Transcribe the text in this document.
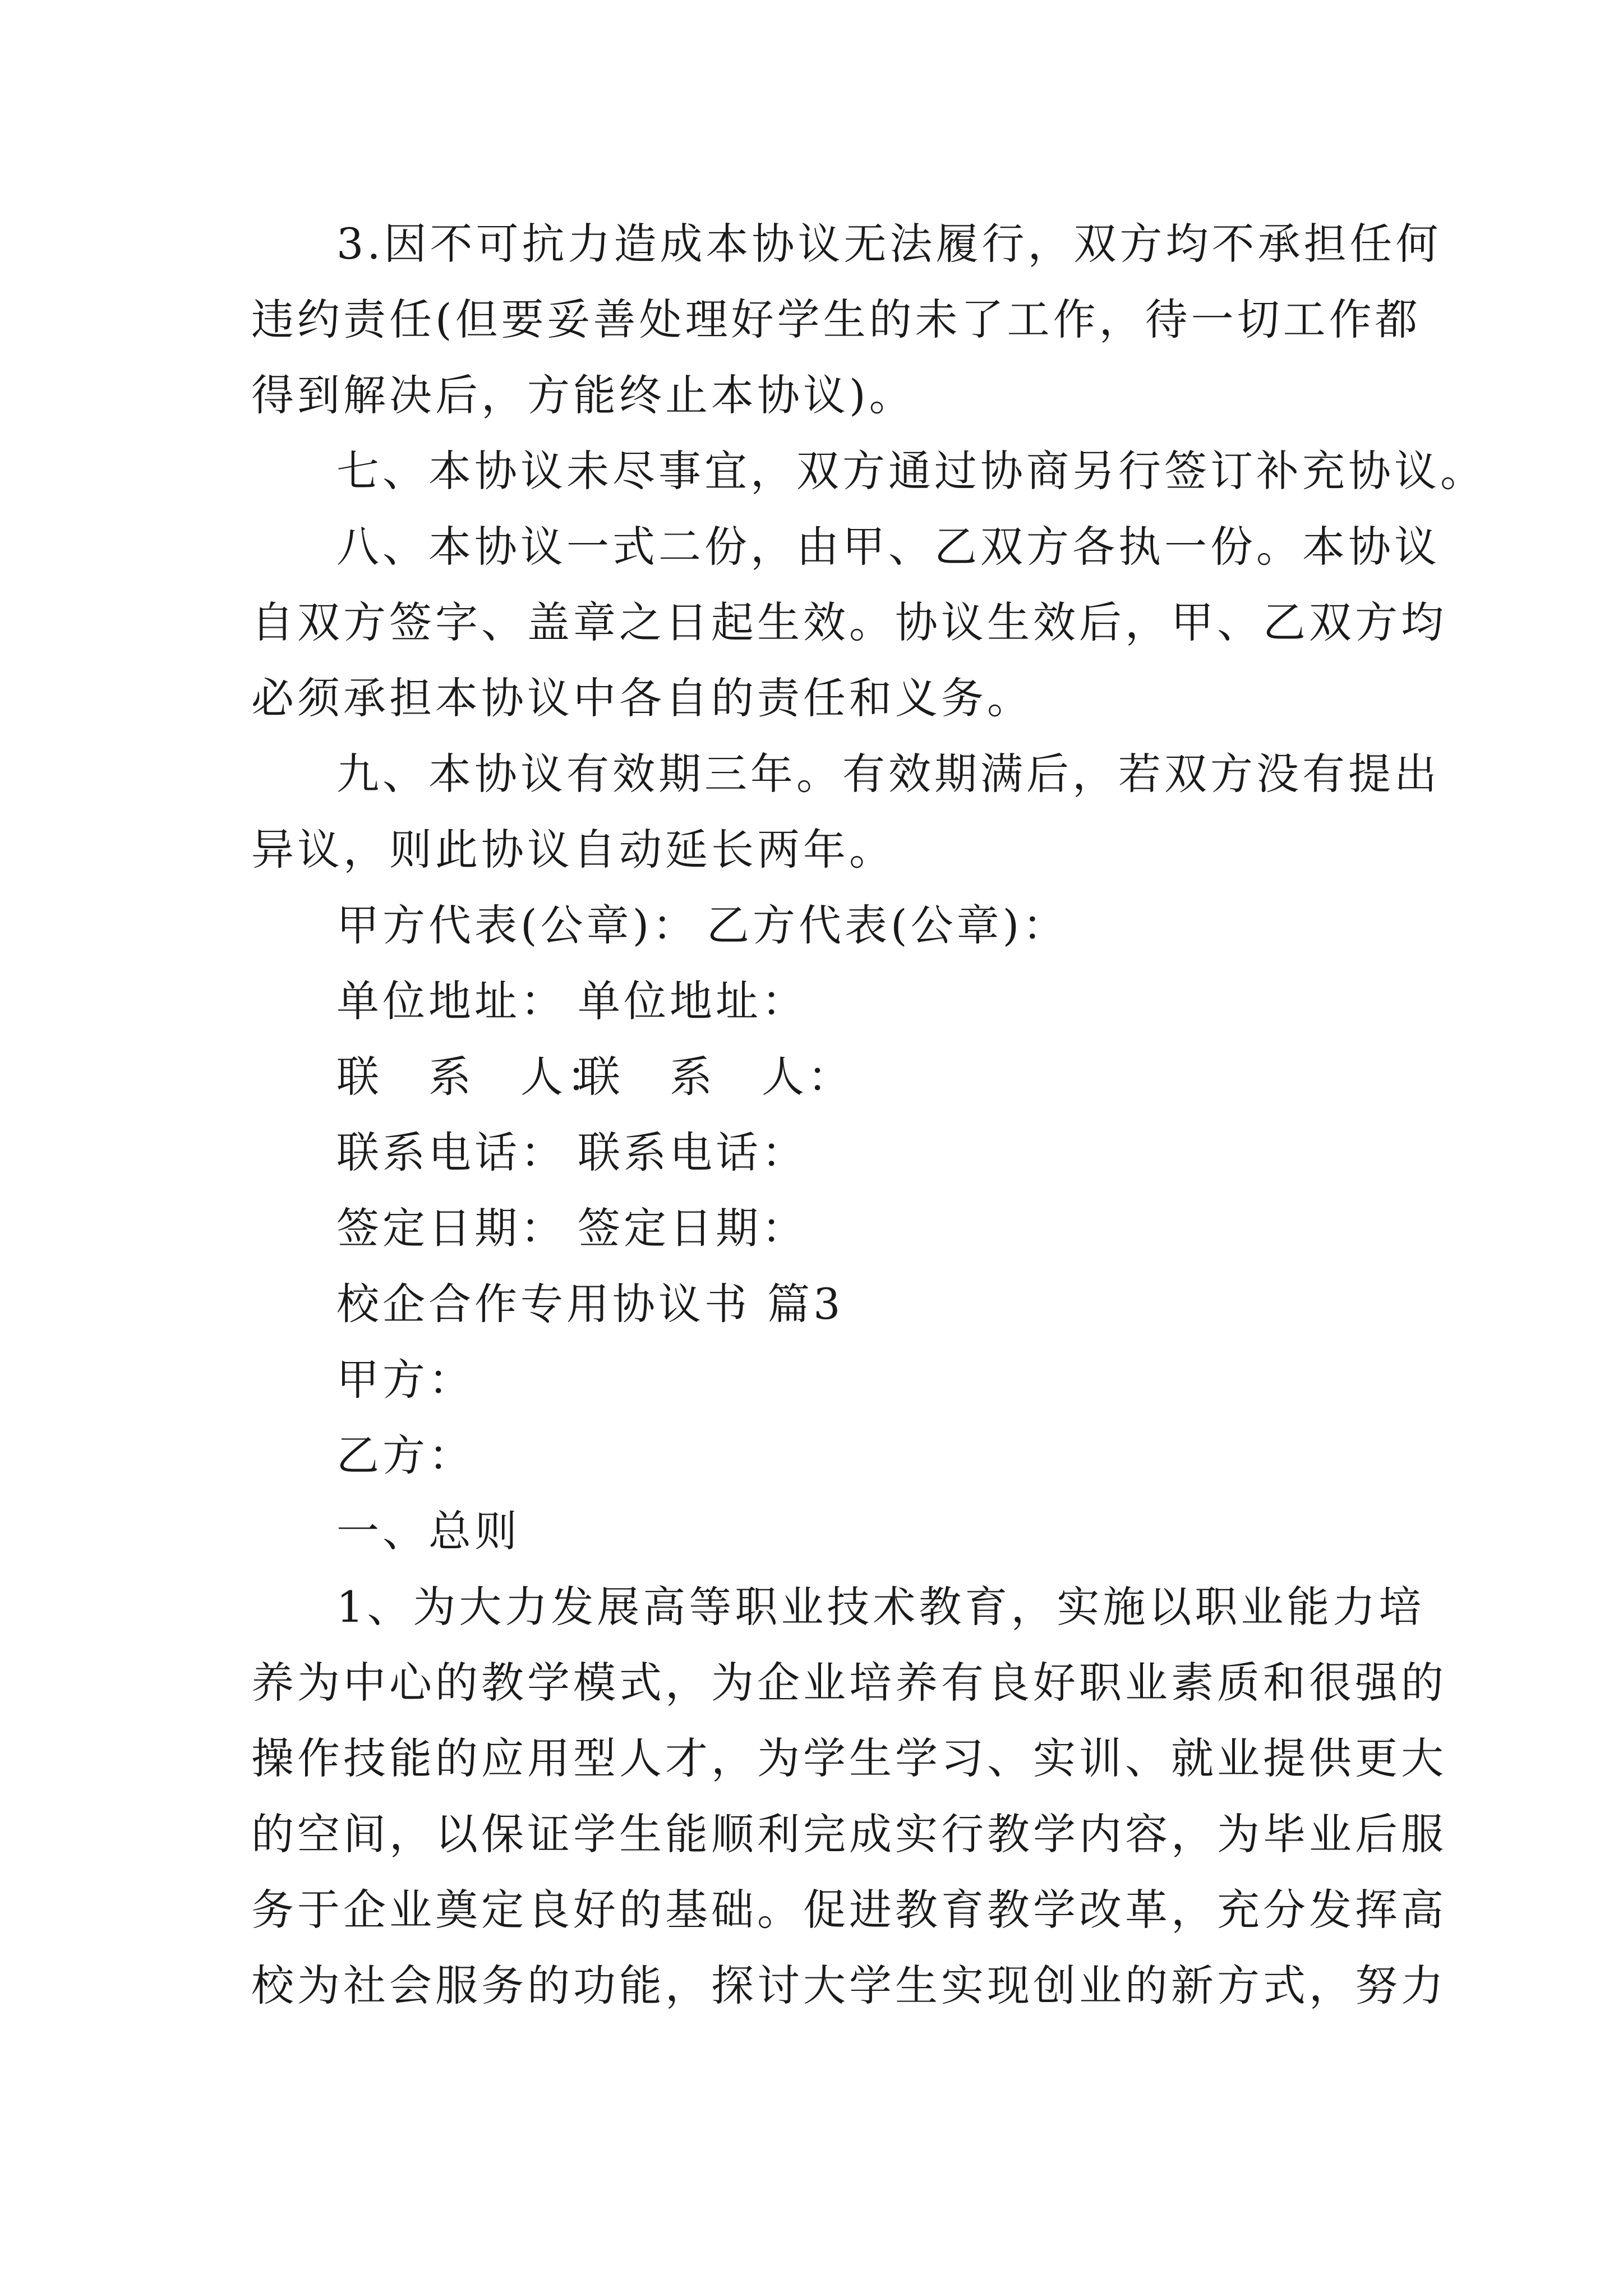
3.因不可抗力造成本协议无法履行，双方均不承担任何
违约责任(但要妥善处理好学生的未了工作，待一切工作都
得到解决后，方能终止本协议)。
七、本协议未尽事宜，双方通过协商另行签订补充协议。
八、本协议一式二份，由甲、乙双方各执一份。本协议
自双方签字、盖章之日起生效。协议生效后，甲、乙双方均
必须承担本协议中各自的责任和义务。
九、本协议有效期三年。有效期满后，若双方没有提出
异议，则此协议自动延长两年。
甲方代表(公章)： 乙方代表(公章)：
单位地址： 单位地址：
联　系　人：
联　系　人：
联系电话： 联系电话：
签定日期： 签定日期：
校企合作专用协议书 篇3
甲方：
乙方：
一、总则
1、为大力发展高等职业技术教育，实施以职业能力培
养为中心的教学模式，为企业培养有良好职业素质和很强的
操作技能的应用型人才，为学生学习、实训、就业提供更大
的空间，以保证学生能顺利完成实行教学内容，为毕业后服
务于企业奠定良好的基础。促进教育教学改革，充分发挥高
校为社会服务的功能，探讨大学生实现创业的新方式，努力
